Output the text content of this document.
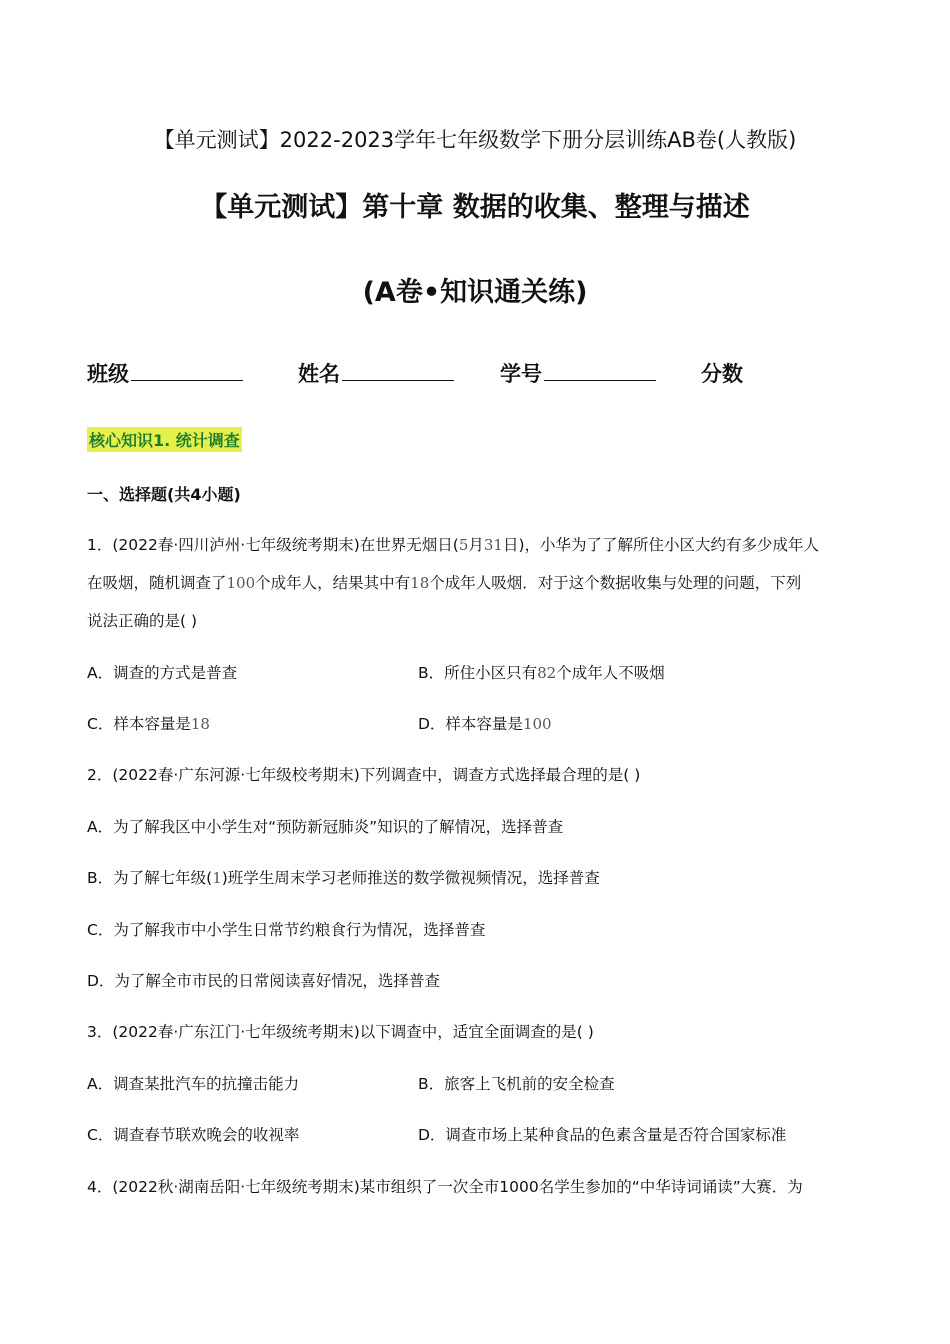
【单元测试】2022-2023学年七年级数学下册分层训练AB卷(人教版)
【单元测试】第十章 数据的收集、整理与描述
(A卷•知识通关练)
班级	姓名	学号	分数
核心知识1. 统计调查
一、选择题(共4小题)
1．(2022春·四川泸州·七年级统考期末)在世界无烟日(5月31日)，小华为了了解所住小区大约有多少成年人
在吸烟，随机调查了100个成年人，结果其中有18个成年人吸烟．对于这个数据收集与处理的问题，下列
说法正确的是( )
A．调查的方式是普查	B．所住小区只有82个成年人不吸烟
C．样本容量是18	D．样本容量是100
2．(2022春·广东河源·七年级校考期末)下列调查中，调查方式选择最合理的是( )
A．为了解我区中小学生对“预防新冠肺炎”知识的了解情况，选择普查
B．为了解七年级(1)班学生周末学习老师推送的数学微视频情况，选择普查
C．为了解我市中小学生日常节约粮食行为情况，选择普查
D．为了解全市市民的日常阅读喜好情况，选择普查
3．(2022春·广东江门·七年级统考期末)以下调查中，适宜全面调查的是( )
A．调查某批汽车的抗撞击能力	B．旅客上飞机前的安全检查
C．调查春节联欢晚会的收视率	D．调查市场上某种食品的色素含量是否符合国家标准
4．(2022秋·湖南岳阳·七年级统考期末)某市组织了一次全市1000名学生参加的“中华诗词诵读”大赛．为
